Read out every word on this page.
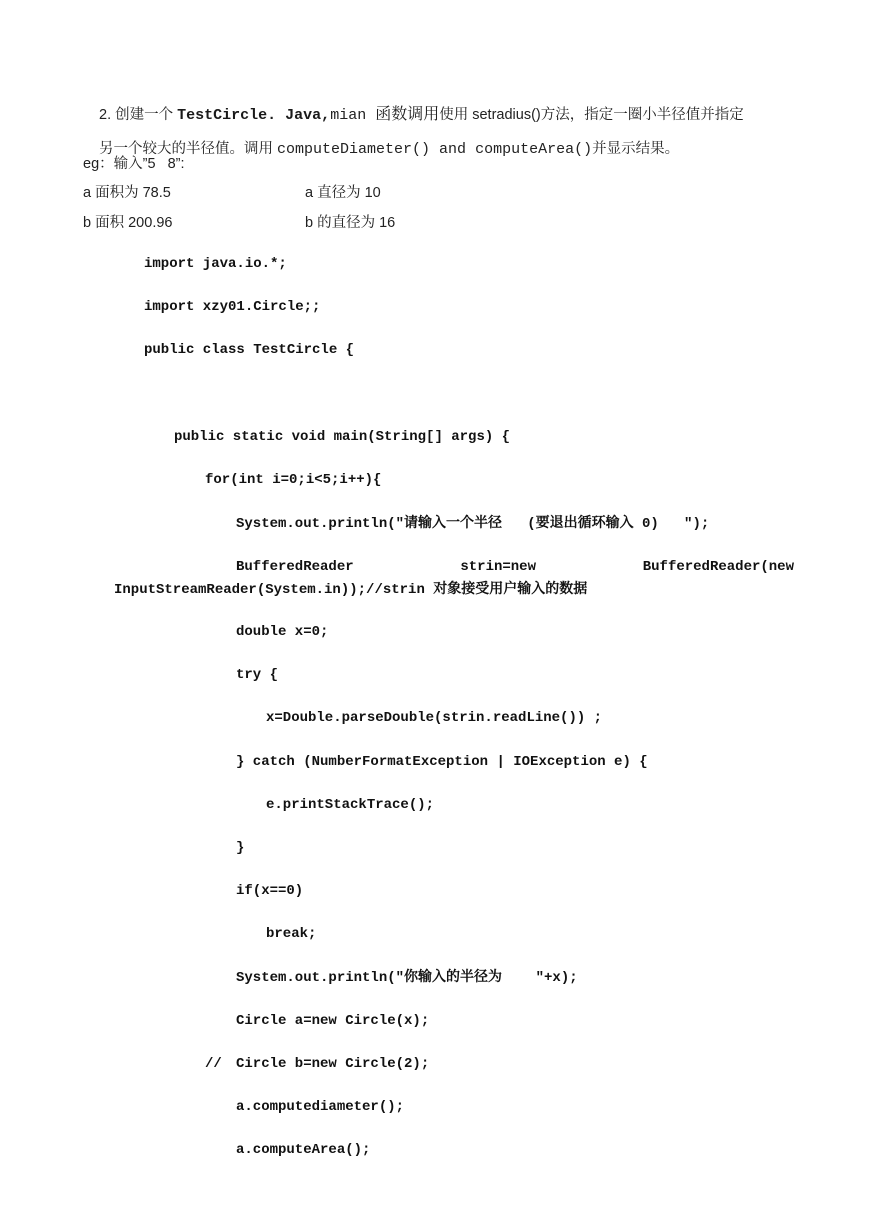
2. 创建一个 TestCircle. Java,mian 函数调用使用 setradius()方法，指定一圈小半径值并指定

另一个较大的半径值。调用 computeDiameter() and computeArea()并显示结果。

eg：输入”5   8”:
a 面积为 78.5	a 直径为 10
b 面积 200.96	b 的直径为 16
import java.io.*;
import xzy01.Circle;;
public class TestCircle {
public static void main(String[] args) {
for(int i=0;i<5;i++){
System.out.println("请输入一个半径   (要退出循环输入 0)   ");
BufferedReader	strin=new	BufferedReader(new
InputStreamReader(System.in));//strin 对象接受用户输入的数据
double x=0;
try {
x=Double.parseDouble(strin.readLine()) ;
} catch (NumberFormatException | IOException e) {
e.printStackTrace();
}
if(x==0)
break;
System.out.println("你输入的半径为    "+x);
Circle a=new Circle(x);
// Circle b=new Circle(2);
a.computediameter();
a.computeArea();
